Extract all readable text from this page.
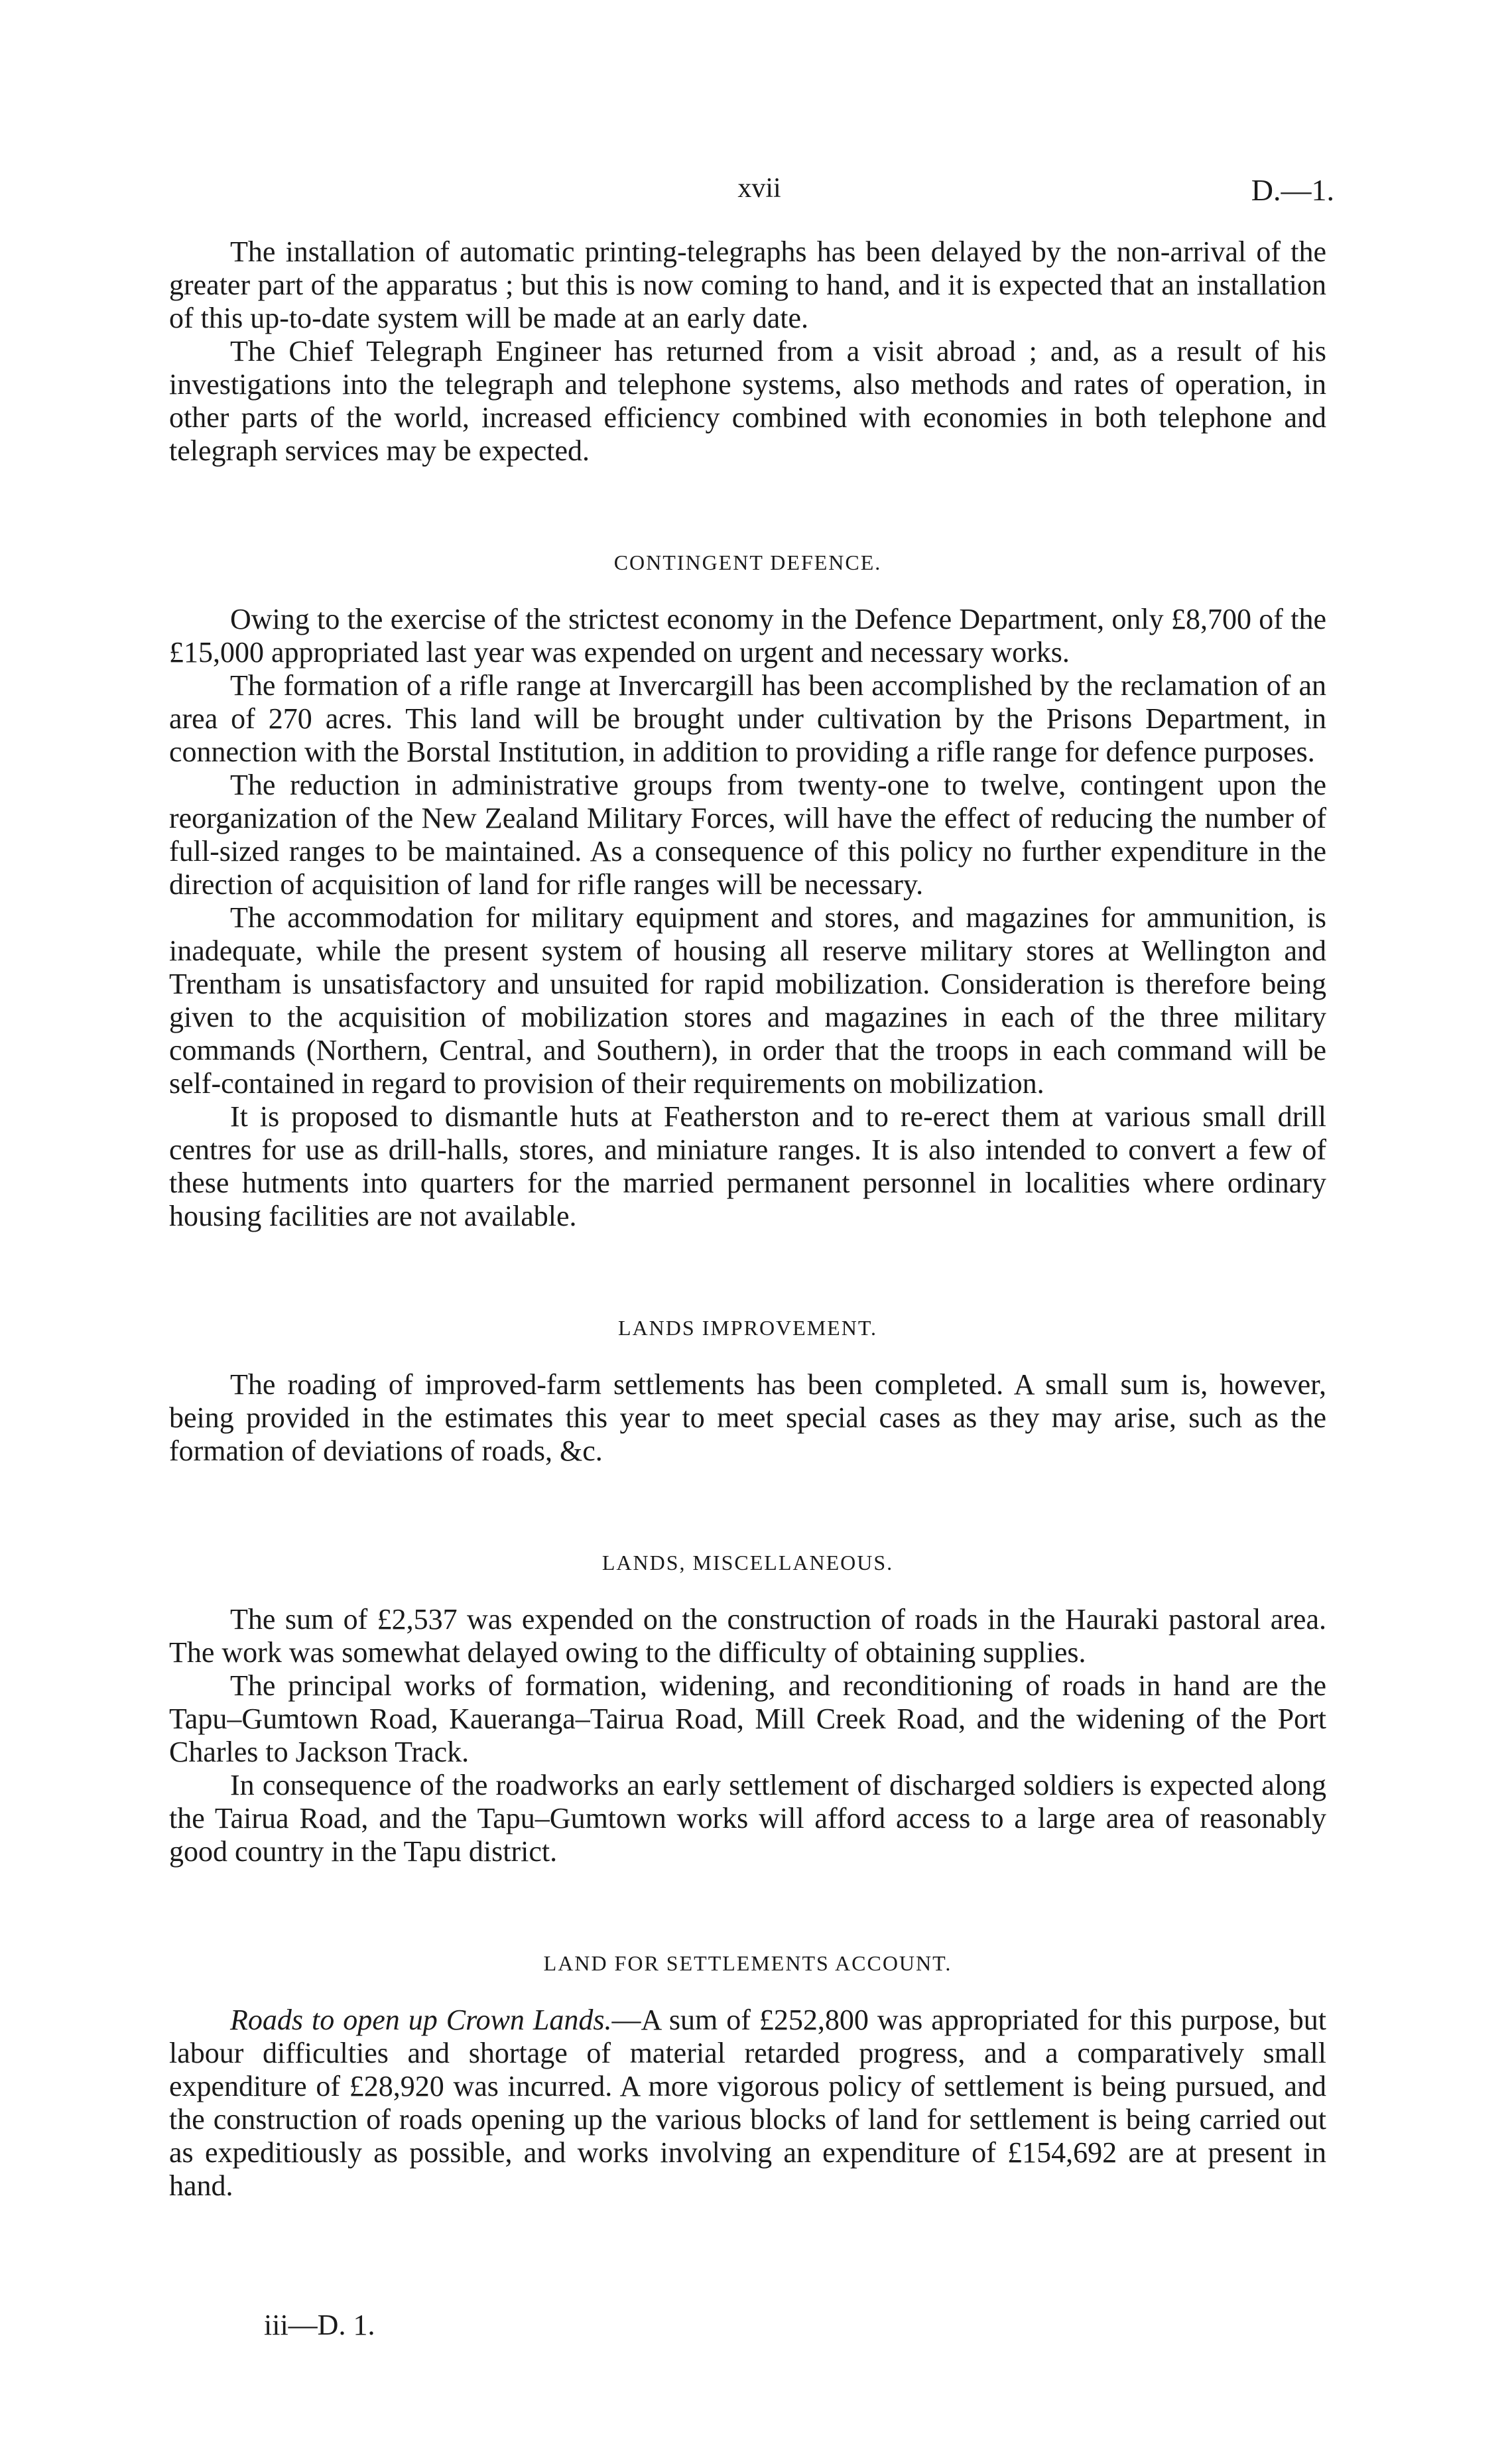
xvii	D.—1.

The installation of automatic printing-telegraphs has been delayed by the non-arrival of the greater part of the apparatus ; but this is now coming to hand, and it is expected that an installation of this up-to-date system will be made at an early date.

The Chief Telegraph Engineer has returned from a visit abroad ; and, as a result of his investigations into the telegraph and telephone systems, also methods and rates of operation, in other parts of the world, increased efficiency combined with economies in both telephone and telegraph services may be expected.

CONTINGENT DEFENCE.

Owing to the exercise of the strictest economy in the Defence Department, only £8,700 of the £15,000 appropriated last year was expended on urgent and necessary works.

The formation of a rifle range at Invercargill has been accomplished by the reclamation of an area of 270 acres. This land will be brought under cultivation by the Prisons Department, in connection with the Borstal Institution, in addition to providing a rifle range for defence purposes.

The reduction in administrative groups from twenty-one to twelve, contingent upon the reorganization of the New Zealand Military Forces, will have the effect of reducing the number of full-sized ranges to be maintained. As a consequence of this policy no further expenditure in the direction of acquisition of land for rifle ranges will be necessary.

The accommodation for military equipment and stores, and magazines for ammunition, is inadequate, while the present system of housing all reserve military stores at Wellington and Trentham is unsatisfactory and unsuited for rapid mobilization. Consideration is therefore being given to the acquisition of mobilization stores and magazines in each of the three military commands (Northern, Central, and Southern), in order that the troops in each command will be self-contained in regard to provision of their requirements on mobilization.

It is proposed to dismantle huts at Featherston and to re-erect them at various small drill centres for use as drill-halls, stores, and miniature ranges. It is also intended to convert a few of these hutments into quarters for the married permanent personnel in localities where ordinary housing facilities are not available.

LANDS IMPROVEMENT.

The roading of improved-farm settlements has been completed. A small sum is, however, being provided in the estimates this year to meet special cases as they may arise, such as the formation of deviations of roads, &c.

LANDS, MISCELLANEOUS.

The sum of £2,537 was expended on the construction of roads in the Hauraki pastoral area. The work was somewhat delayed owing to the difficulty of obtaining supplies.

The principal works of formation, widening, and reconditioning of roads in hand are the Tapu–Gumtown Road, Kaueranga–Tairua Road, Mill Creek Road, and the widening of the Port Charles to Jackson Track.

In consequence of the roadworks an early settlement of discharged soldiers is expected along the Tairua Road, and the Tapu–Gumtown works will afford access to a large area of reasonably good country in the Tapu district.

LAND FOR SETTLEMENTS ACCOUNT.

Roads to open up Crown Lands.—A sum of £252,800 was appropriated for this purpose, but labour difficulties and shortage of material retarded progress, and a comparatively small expenditure of £28,920 was incurred. A more vigorous policy of settlement is being pursued, and the construction of roads opening up the various blocks of land for settlement is being carried out as expeditiously as possible, and works involving an expenditure of £154,692 are at present in hand.

iii—D. 1.
